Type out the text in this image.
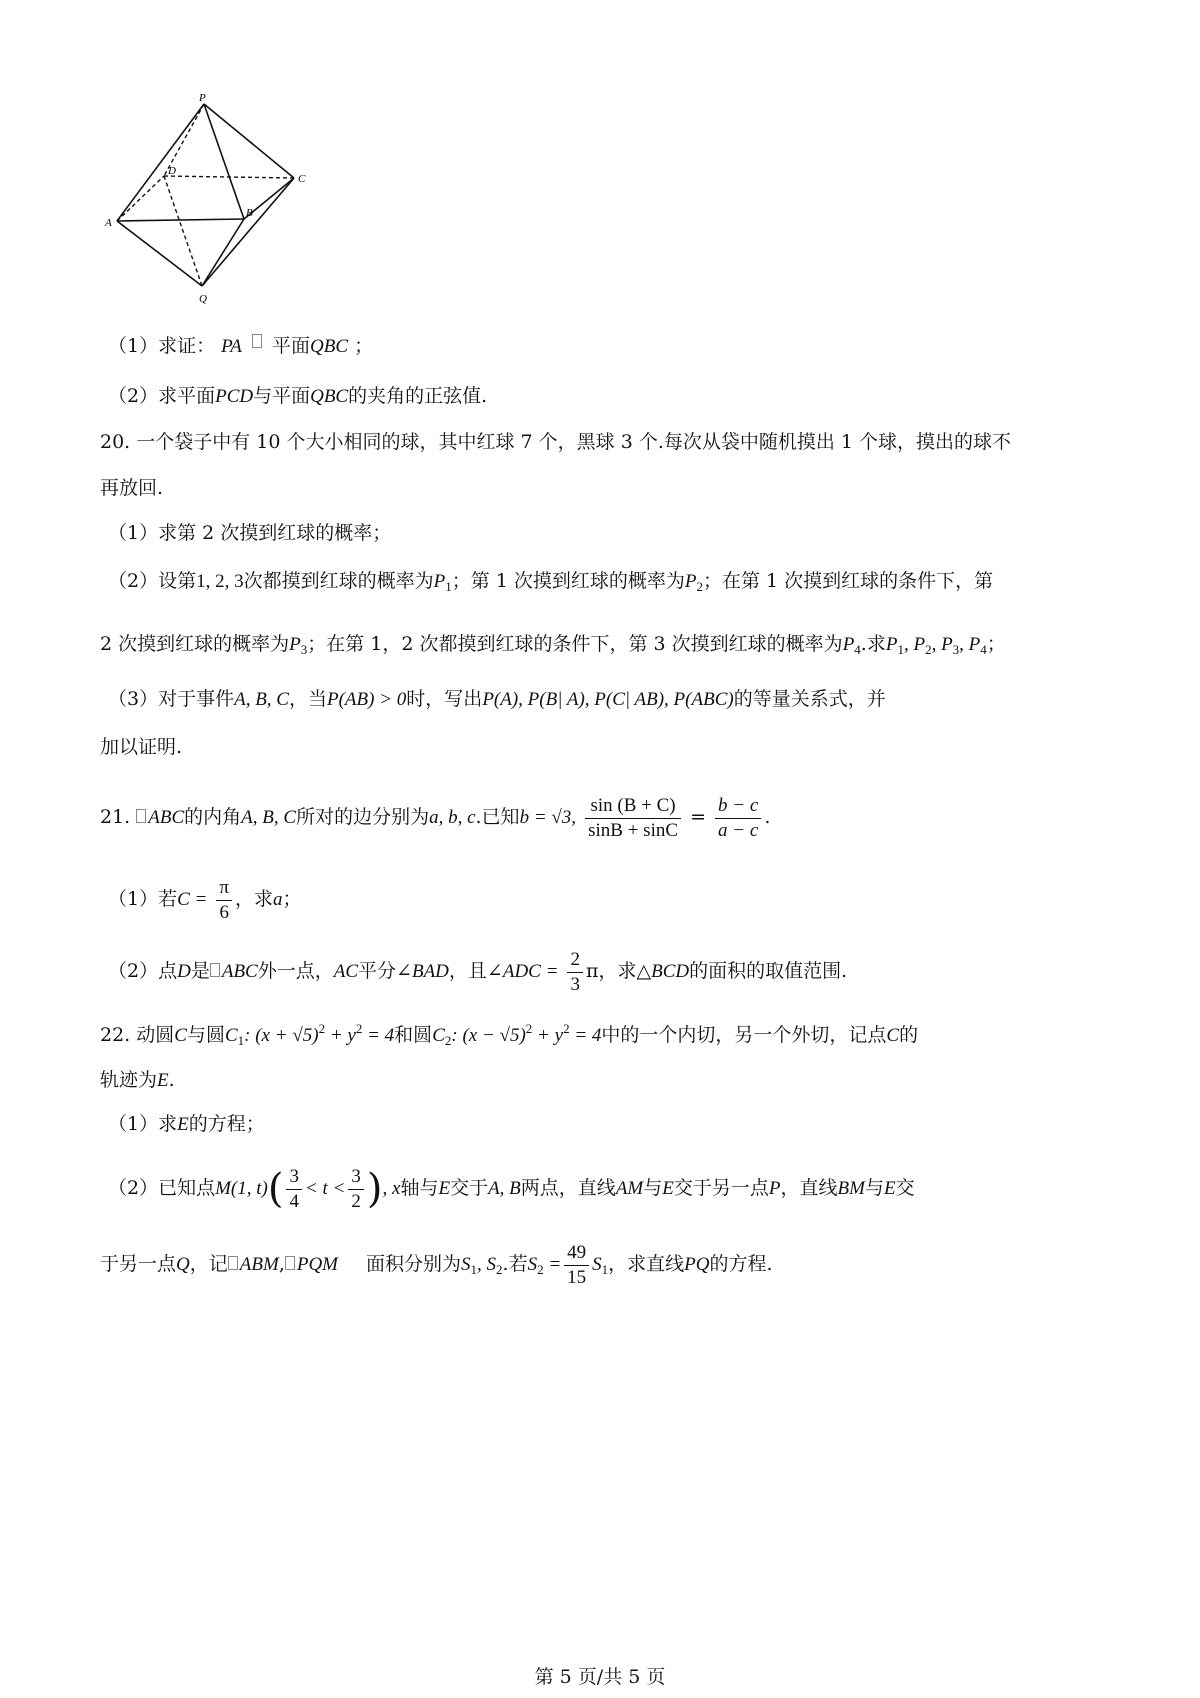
P
D
C
A
B
Q
（1）求证： PA 平面QBC ；
（2）求平面PCD与平面QBC的夹角的正弦值.
20. 一个袋子中有 10 个大小相同的球，其中红球 7 个，黑球 3 个.每次从袋中随机摸出 1 个球，摸出的球不
再放回.
（1）求第 2 次摸到红球的概率；
（2）设第1, 2, 3次都摸到红球的概率为$P_1$；第 1 次摸到红球的概率为$P_2$；在第 1 次摸到红球的条件下，第
2 次摸到红球的概率为$P_3$；在第 1，2 次都摸到红球的条件下，第 3 次摸到红球的概率为$P_4$.求$P_1$, $P_2$, $P_3$, $P_4$；
（3）对于事件A, B, C，当P(AB) > 0时，写出P(A), P(B| A), P(C| AB), P(ABC)的等量关系式，并
加以证明.
21. ABC的内角A, B, C所对的边分别为a, b, c.已知b = √3, $\frac{\sin (B + C)}{\sin B + \sin C} = \frac{b - c}{a - c}$ .
（1）若$C = \frac{\pi}{6}$ ，求a；
（2）点D是 ABC外一点，AC平分∠BAD，且∠ADC = $\frac{2}{3}$ π，求△BCD的面积的取值范围.
22. 动圆C与圆$C_1$: $(x + √5)^2 + y^2 = 4$和圆$C_2$: $(x - √5)^2 + y^2 = 4$中的一个内切，另一个外切，记点C的
轨迹为E.
（1）求E的方程；
（2）已知点M(1, $t)( \frac{3}{4} < t < \frac{3}{2}$ ), x轴与E交于A, B两点，直线AM与E交于另一点P，直线BM与E交
于另一点Q，记 ABM, PQM 面积分别为$S_1$, $S_2$.若$S_2 = \frac{49}{15} S_1$，求直线PQ的方程.
第 5 页/共 5 页
